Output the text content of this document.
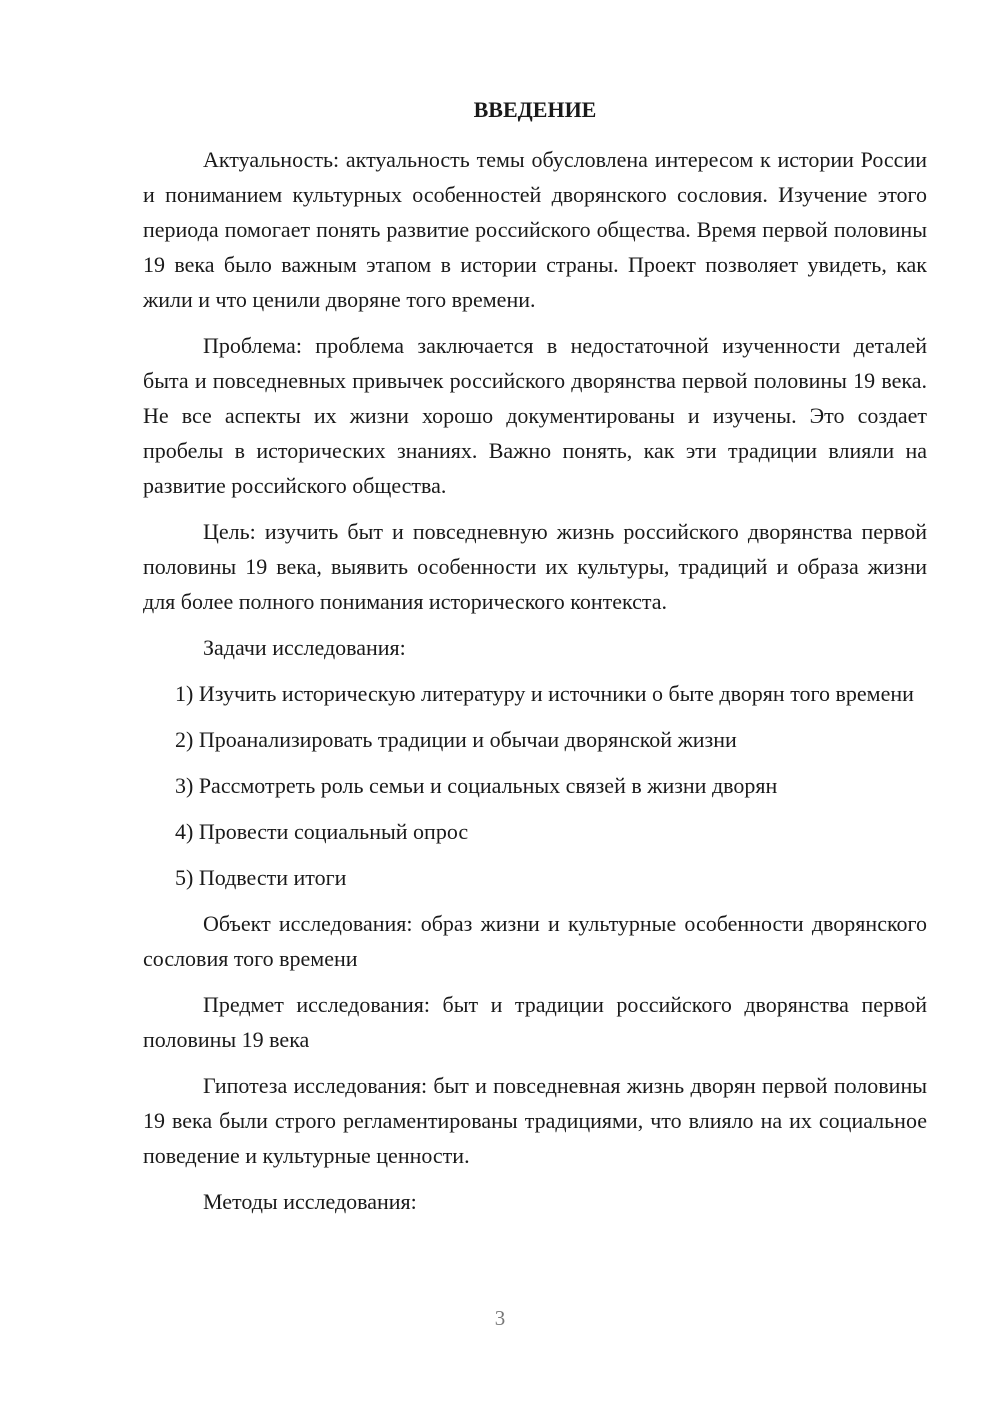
ВВЕДЕНИЕ

Актуальность: актуальность темы обусловлена интересом к истории России и пониманием культурных особенностей дворянского сословия. Изучение этого периода помогает понять развитие российского общества. Время первой половины 19 века было важным этапом в истории страны. Проект позволяет увидеть, как жили и что ценили дворяне того времени.

Проблема: проблема заключается в недостаточной изученности деталей быта и повседневных привычек российского дворянства первой половины 19 века. Не все аспекты их жизни хорошо документированы и изучены. Это создает пробелы в исторических знаниях. Важно понять, как эти традиции влияли на развитие российского общества.

Цель: изучить быт и повседневную жизнь российского дворянства первой половины 19 века, выявить особенности их культуры, традиций и образа жизни для более полного понимания исторического контекста.

Задачи исследования:

1) Изучить историческую литературу и источники о быте дворян того времени

2) Проанализировать традиции и обычаи дворянской жизни

3) Рассмотреть роль семьи и социальных связей в жизни дворян

4) Провести социальный опрос

5) Подвести итоги

Объект исследования: образ жизни и культурные особенности дворянского сословия того времени

Предмет исследования: быт и традиции российского дворянства первой половины 19 века

Гипотеза исследования: быт и повседневная жизнь дворян первой половины 19 века были строго регламентированы традициями, что влияло на их социальное поведение и культурные ценности.

Методы исследования:

3
